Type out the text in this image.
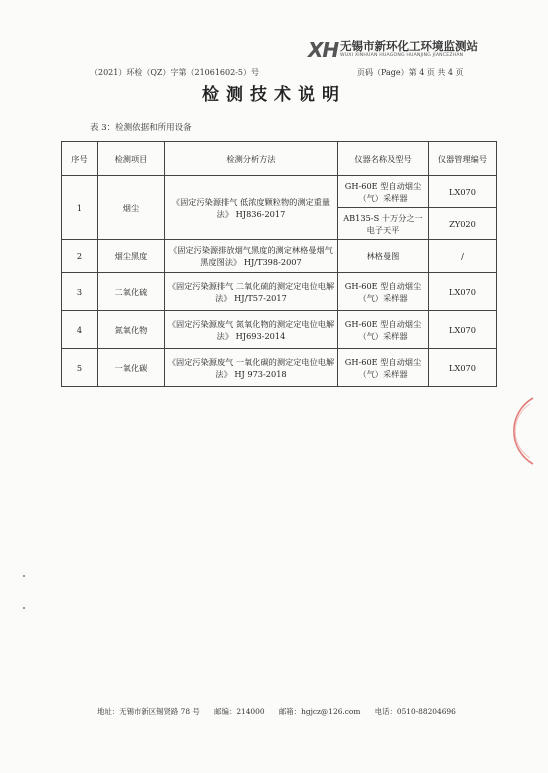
XH 无锡市新环化工环境监测站
WUXI XINHUAN HUAGONG HUANJING JIANCEZHAN
（2021）环检（QZ）字第（21061602-5）号	页码（Page）第 4 页 共 4 页
检测技术说明
表 3：检测依据和所用设备
序号	检测项目	检测分析方法	仪器名称及型号	仪器管理编号
1	烟尘	《固定污染源排气 低浓度颗粒物的测定重量法》 HJ836-2017	GH-60E 型自动烟尘（气）采样器	LX070
			AB135-S 十万分之一电子天平	ZY020
2	烟尘黑度	《固定污染源排放烟气黑度的测定林格曼烟气黑度图法》 HJ/T398-2007	林格曼图	/
3	二氧化硫	《固定污染源排气 二氧化硫的测定定电位电解法》 HJ/T57-2017	GH-60E 型自动烟尘（气）采样器	LX070
4	氮氧化物	《固定污染源废气 氮氧化物的测定定电位电解法》 HJ693-2014	GH-60E 型自动烟尘（气）采样器	LX070
5	一氧化碳	《固定污染源废气 一氧化碳的测定定电位电解法》 HJ 973-2018	GH-60E 型自动烟尘（气）采样器	LX070
地址：无锡市新区锡贤路 78 号 邮编：214000 邮箱：hgjcz@126.com 电话：0510-88204696
